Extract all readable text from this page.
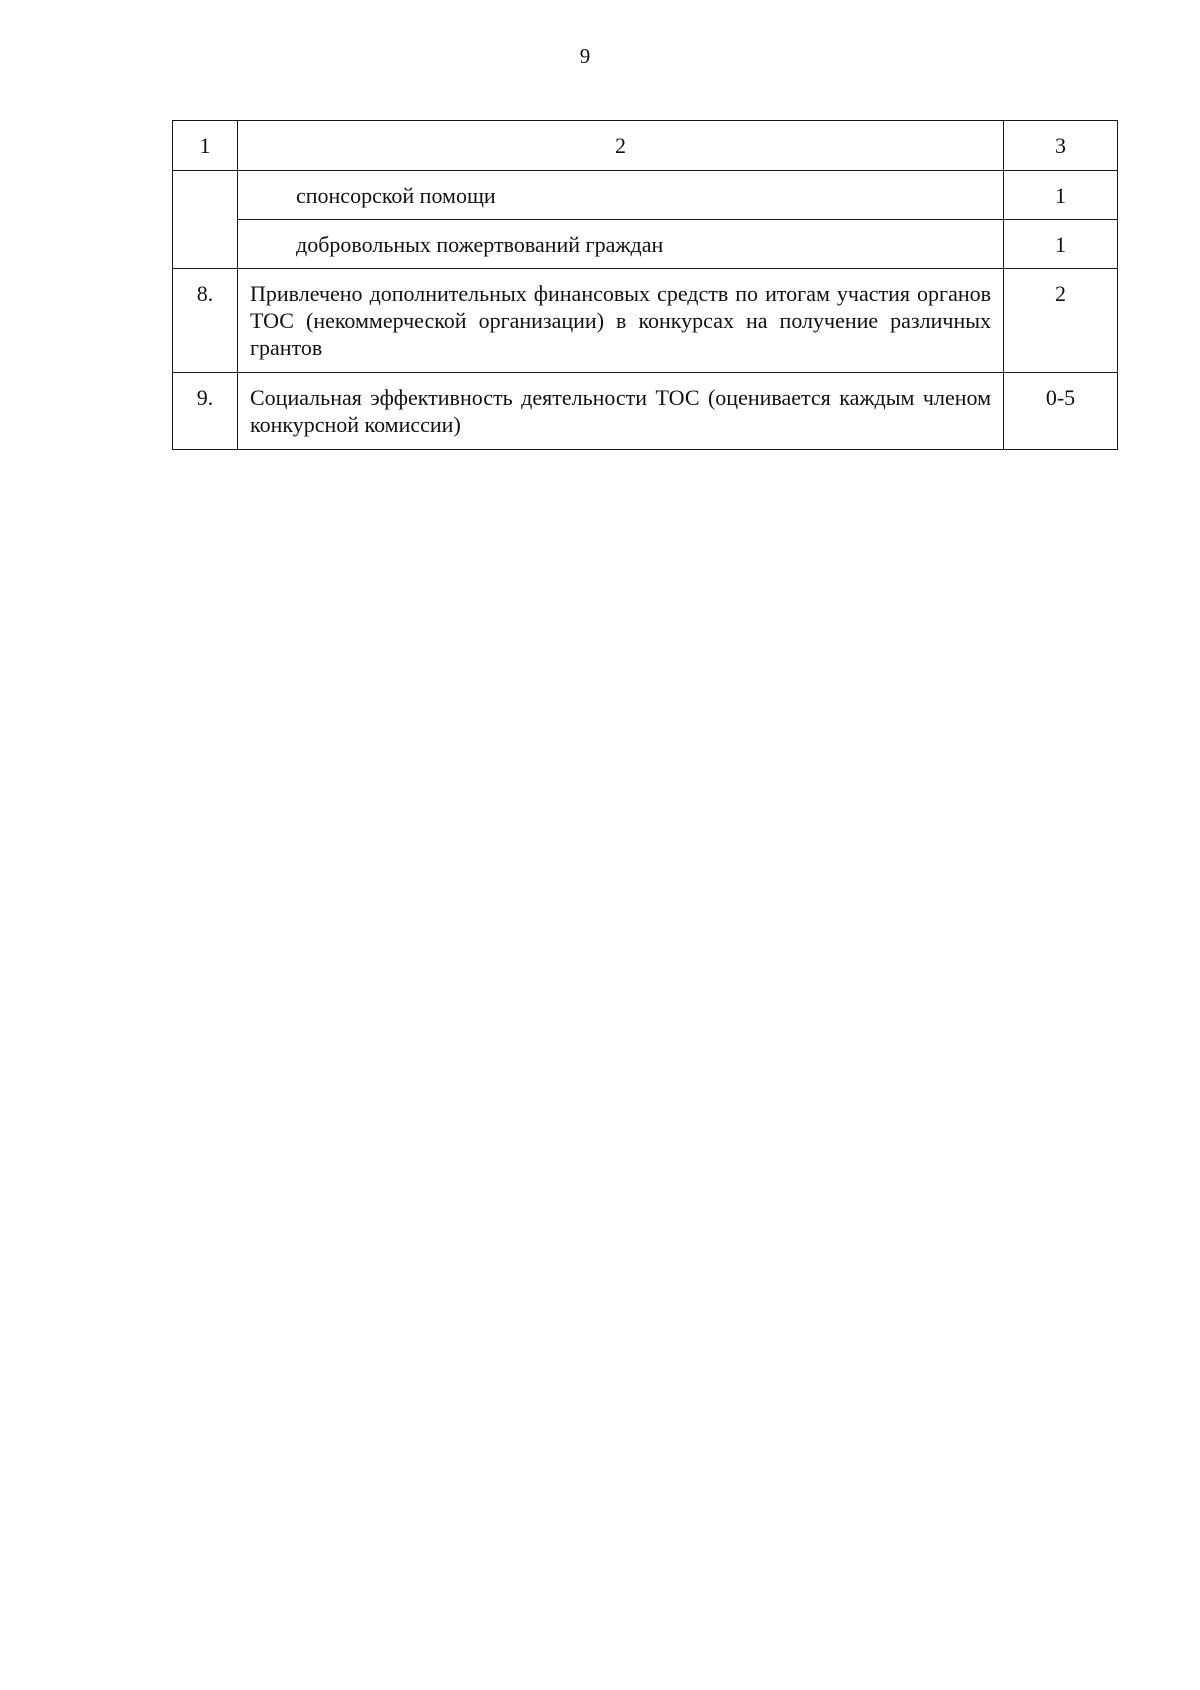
9
1	2	3
	спонсорской помощи	1
	добровольных пожертвований граждан	1
8.	Привлечено дополнительных финансовых средств по итогам участия органов ТОС (некоммерческой организации) в конкурсах на получение различных грантов	2
9.	Социальная эффективность деятельности ТОС (оценивается каждым членом конкурсной комиссии)	0-5
